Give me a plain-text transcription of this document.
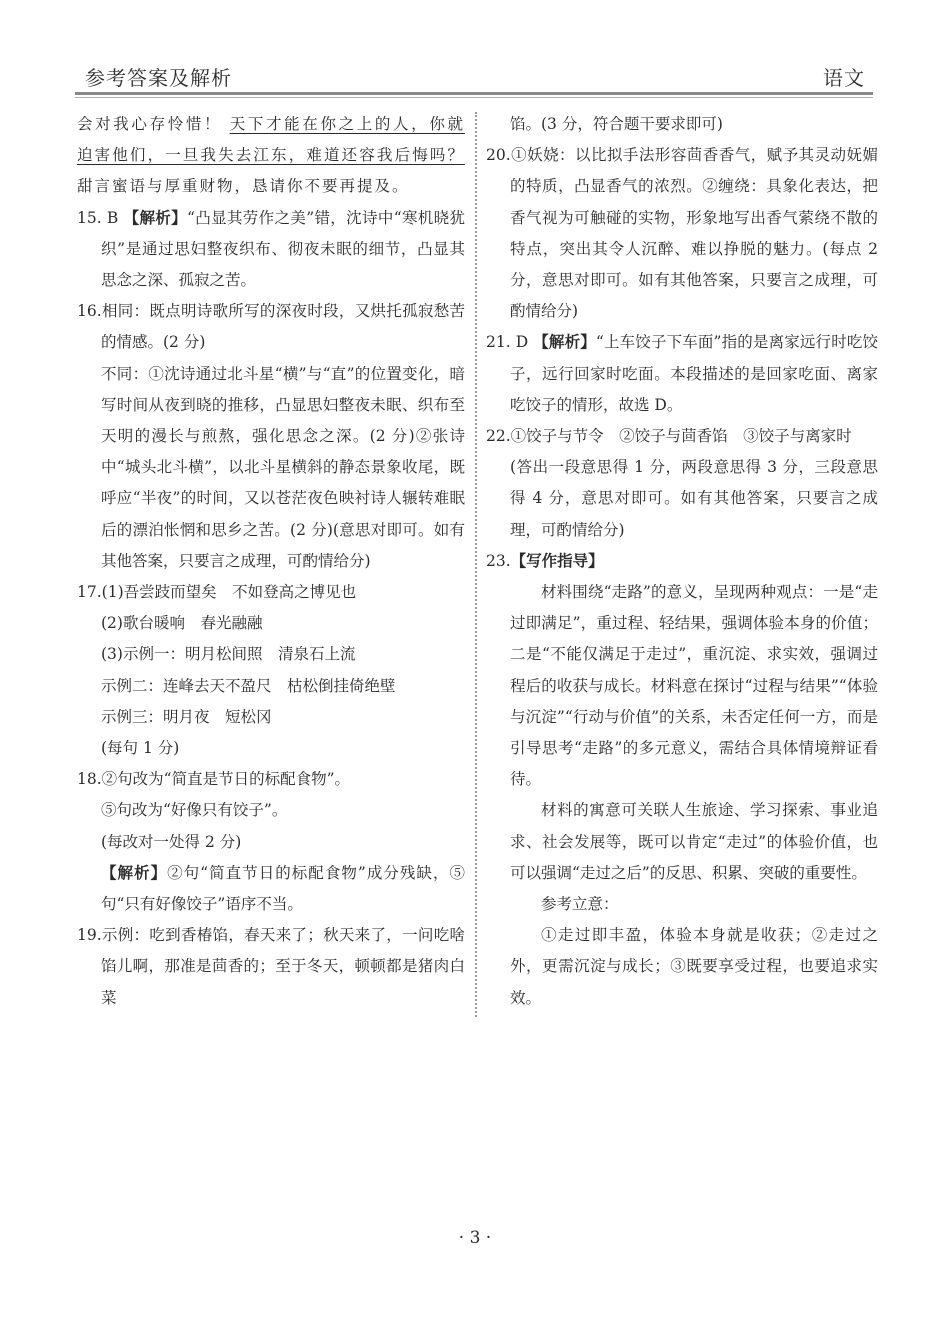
参考答案及解析	语文

会对我心存怜惜！ 天下才能在你之上的人，你就迫害他们，一旦我失去江东，难道还容我后悔吗？ 甜言蜜语与厚重财物，恳请你不要再提及。

15. B 【解析】“凸显其劳作之美”错，沈诗中“寒机晓犹织”是通过思妇整夜织布、彻夜未眠的细节，凸显其思念之深、孤寂之苦。

16.相同：既点明诗歌所写的深夜时段，又烘托孤寂愁苦的情感。(2 分)

不同：①沈诗通过北斗星“横”与“直”的位置变化，暗写时间从夜到晓的推移，凸显思妇整夜未眠、织布至天明的漫长与煎熬，强化思念之深。(2 分)②张诗中“城头北斗横”，以北斗星横斜的静态景象收尾，既呼应“半夜”的时间，又以苍茫夜色映衬诗人辗转难眠后的漂泊怅惘和思乡之苦。(2 分)(意思对即可。如有其他答案，只要言之成理，可酌情给分)

17.(1)吾尝跂而望矣　不如登高之博见也

(2)歌台暖响　春光融融

(3)示例一：明月松间照　清泉石上流

示例二：连峰去天不盈尺　枯松倒挂倚绝壁

示例三：明月夜　短松冈

(每句 1 分)

18.②句改为“简直是节日的标配食物”。

⑤句改为“好像只有饺子”。

(每改对一处得 2 分)

【解析】②句“简直节日的标配食物”成分残缺，⑤句“只有好像饺子”语序不当。

19.示例：吃到香椿馅，春天来了；秋天来了，一问吃啥馅儿啊，那准是茴香的；至于冬天，顿顿都是猪肉白菜

馅。(3 分，符合题干要求即可)

20.①妖娆：以比拟手法形容茴香香气，赋予其灵动妩媚的特质，凸显香气的浓烈。②缠绕：具象化表达，把香气视为可触碰的实物，形象地写出香气萦绕不散的特点，突出其令人沉醉、难以挣脱的魅力。(每点 2 分，意思对即可。如有其他答案，只要言之成理，可酌情给分)

21. D 【解析】“上车饺子下车面”指的是离家远行时吃饺子，远行回家时吃面。本段描述的是回家吃面、离家吃饺子的情形，故选 D。

22.①饺子与节令　②饺子与茴香馅　③饺子与离家时

(答出一段意思得 1 分，两段意思得 3 分，三段意思得 4 分，意思对即可。如有其他答案，只要言之成理，可酌情给分)

23.【写作指导】

材料围绕“走路”的意义，呈现两种观点：一是“走过即满足”，重过程、轻结果，强调体验本身的价值；二是“不能仅满足于走过”，重沉淀、求实效，强调过程后的收获与成长。材料意在探讨“过程与结果”“体验与沉淀”“行动与价值”的关系，未否定任何一方，而是引导思考“走路”的多元意义，需结合具体情境辩证看待。

材料的寓意可关联人生旅途、学习探索、事业追求、社会发展等，既可以肯定“走过”的体验价值，也可以强调“走过之后”的反思、积累、突破的重要性。

参考立意：

①走过即丰盈，体验本身就是收获；②走过之外，更需沉淀与成长；③既要享受过程，也要追求实效。

· 3 ·
